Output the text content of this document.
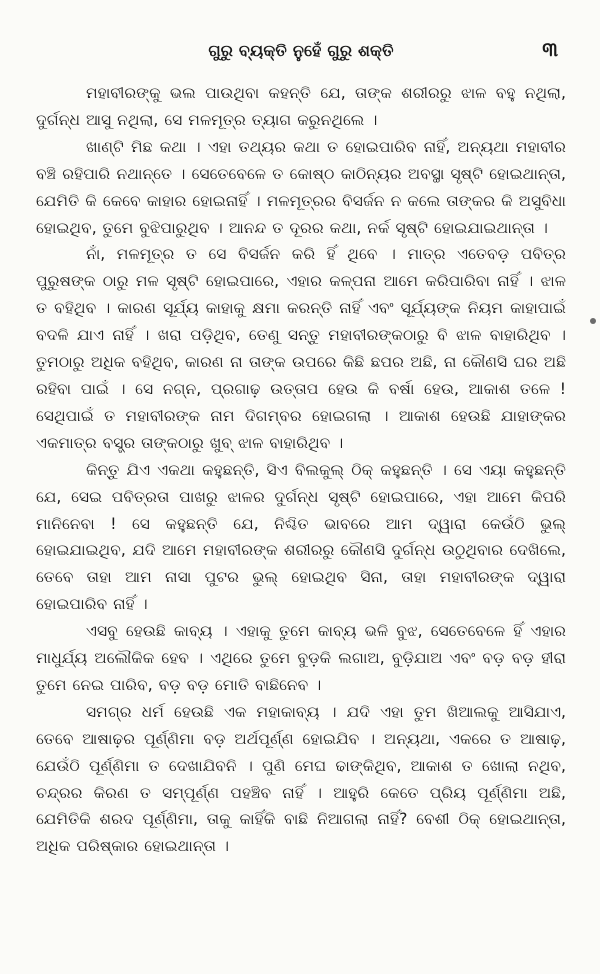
ଗୁରୁ ବ୍ୟକ୍ତି ନୁହେଁ ଗୁରୁ ଶକ୍ତି	୩

ମହାବୀରଙ୍କୁ ଭଲ ପାଉଥିବା କହନ୍ତି ଯେ, ତାଙ୍କ ଶରୀରରୁ ଝାଳ ବହୁ ନଥିଲା, ଦୁର୍ଗନ୍ଧ ଆସୁ ନଥିଲା, ସେ ମଳମୂତ୍ର ତ୍ୟାଗ କରୁନଥିଲେ ।

ଖାଣ୍ଟି ମିଛ କଥା । ଏହା ତଥ୍ୟର କଥା ତ ହୋଇପାରିବ ନାହିଁ, ଅନ୍ୟଥା ମହାବୀର ବଞ୍ଚି ରହିପାରି ନଥାନ୍ତେ । ସେତେବେଳେ ତ କୋଷ୍ଠ କାଠିନ୍ୟର ଅବସ୍ଥା ସୃଷ୍ଟି ହୋଇଥାନ୍ତା, ଯେମିତି କି କେବେ କାହାର ହୋଇନାହିଁ । ମଳମୂତ୍ରର ବିସର୍ଜନ ନ କଲେ ତାଙ୍କର କି ଅସୁବିଧା ହୋଇଥିବ, ତୁମେ ବୁଝିପାରୁଥିବ । ଆନନ୍ଦ ତ ଦୂରର କଥା, ନର୍କ ସୃଷ୍ଟି ହୋଇଯାଇଥାନ୍ତା ।

ନାଁ, ମଳମୂତ୍ର ତ ସେ ବିସର୍ଜନ କରି ହିଁ ଥିବେ । ମାତ୍ର ଏତେବଡ଼ ପବିତ୍ର ପୁରୁଷଙ୍କ ଠାରୁ ମଳ ସୃଷ୍ଟି ହୋଇପାରେ, ଏହାର କଳ୍ପନା ଆମେ କରିପାରିବା ନାହିଁ । ଝାଳ ତ ବହିଥିବ । କାରଣ ସୂର୍ଯ୍ୟ କାହାକୁ କ୍ଷମା କରନ୍ତି ନାହିଁ ଏବଂ ସୂର୍ଯ୍ୟଙ୍କ ନିୟମ କାହାପାଇଁ ବଦଳି ଯାଏ ନାହିଁ । ଖରା ପଡ଼ିଥିବ, ତେଣୁ ସନ୍ତୁ ମହାବୀରଙ୍କଠାରୁ ବି ଝାଳ ବାହାରିଥିବ । ତୁମଠାରୁ ଅଧିକ ବହିଥିବ, କାରଣ ନା ତାଙ୍କ ଉପରେ କିଛି ଛପର ଅଛି, ନା କୌଣସି ଘର ଅଛି ରହିବା ପାଇଁ । ସେ ନଗ୍ନ, ପ୍ରଗାଢ଼ ଉତ୍ତାପ ହେଉ କି ବର୍ଷା ହେଉ, ଆକାଶ ତଳେ ! ସେଥିପାଇଁ ତ ମହାବୀରଙ୍କ ନାମ ଦିଗମ୍ବର ହୋଇଗଲା । ଆକାଶ ହେଉଛି ଯାହାଙ୍କର ଏକମାତ୍ର ବସ୍ତ୍ର ତାଙ୍କଠାରୁ ଖୁବ୍ ଝାଳ ବାହାରିଥିବ ।

କିନ୍ତୁ ଯିଏ ଏକଥା କହୁଛନ୍ତି, ସିଏ ବିଲକୁଲ୍ ଠିକ୍ କହୁଛନ୍ତି । ସେ ଏୟା କହୁଛନ୍ତି ଯେ, ସେଇ ପବିତ୍ରତା ପାଖରୁ ଝାଳର ଦୁର୍ଗନ୍ଧ ସୃଷ୍ଟି ହୋଇପାରେ, ଏହା ଆମେ କିପରି ମାନିନେବା ! ସେ କହୁଛନ୍ତି ଯେ, ନିଶ୍ଚିତ ଭାବରେ ଆମ ଦ୍ୱାରା କେଉଁଠି ଭୁଲ୍ ହୋଇଯାଇଥିବ, ଯଦି ଆମେ ମହାବୀରଙ୍କ ଶରୀରରୁ କୌଣସି ଦୁର୍ଗନ୍ଧ ଉଠୁଥିବାର ଦେଖିଲେ, ତେବେ ତାହା ଆମ ନାସା ପୁଟର ଭୁଲ୍ ହୋଇଥିବ ସିନା, ତାହା ମହାବୀରଙ୍କ ଦ୍ୱାରା ହୋଇପାରିବ ନାହିଁ ।

ଏସବୁ ହେଉଛି କାବ୍ୟ । ଏହାକୁ ତୁମେ କାବ୍ୟ ଭଳି ବୁଝ, ସେତେବେଳେ ହିଁ ଏହାର ମାଧୁର୍ଯ୍ୟ ଅଲୌକିକ ହେବ । ଏଥିରେ ତୁମେ ବୁଡ଼କି ଲଗାଅ, ବୁଡ଼ିଯାଅ ଏବଂ ବଡ଼ ବଡ଼ ହୀରା ତୁମେ ନେଇ ପାରିବ, ବଡ଼ ବଡ଼ ମୋତି ବାଛିନେବ ।

ସମଗ୍ର ଧର୍ମ ହେଉଛି ଏକ ମହାକାବ୍ୟ । ଯଦି ଏହା ତୁମ ଖିଆଲକୁ ଆସିଯାଏ, ତେବେ ଆଷାଢ଼ର ପୂର୍ଣ୍ଣିମା ବଡ଼ ଅର୍ଥପୂର୍ଣ୍ଣ ହୋଇଯିବ । ଅନ୍ୟଥା, ଏକରେ ତ ଆଷାଢ଼, ଯେଉଁଠି ପୂର୍ଣ୍ଣିମା ତ ଦେଖାଯିବନି । ପୁଣି ମେଘ ଢାଙ୍କିଥିବ, ଆକାଶ ତ ଖୋଲା ନଥିବ, ଚନ୍ଦ୍ରର କିରଣ ତ ସମ୍ପୂର୍ଣ୍ଣ ପହଞ୍ଚିବ ନାହିଁ । ଆହୁରି କେତେ ପ୍ରିୟ ପୂର୍ଣ୍ଣିମା ଅଛି, ଯେମିତିକି ଶରଦ ପୂର୍ଣ୍ଣିମା, ତାକୁ କାହିଁକି ବାଛି ନିଆଗଲା ନାହିଁ? ବେଶୀ ଠିକ୍ ହୋଇଥାନ୍ତା, ଅଧିକ ପରିଷ୍କାର ହୋଇଥାନ୍ତା ।
